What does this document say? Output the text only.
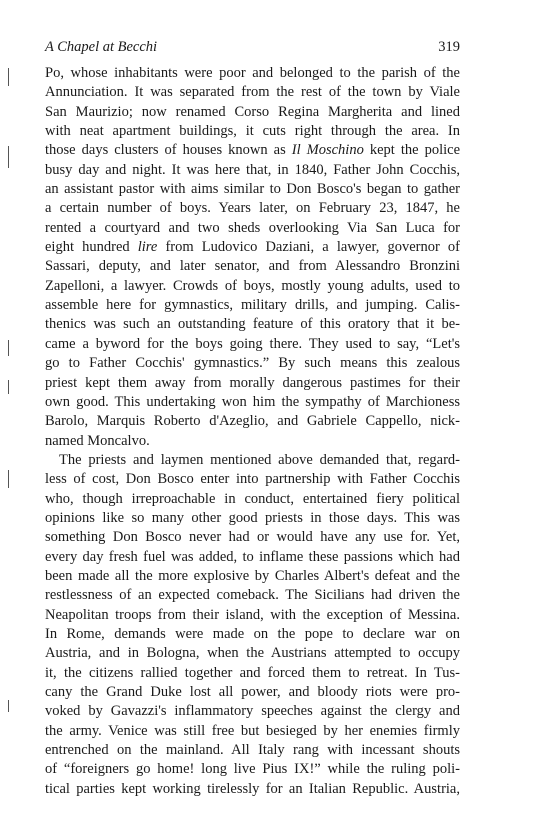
A Chapel at Becchi	319
Po, whose inhabitants were poor and belonged to the parish of the
Annunciation. It was separated from the rest of the town by Viale
San Maurizio; now renamed Corso Regina Margherita and lined
with neat apartment buildings, it cuts right through the area. In
those days clusters of houses known as Il Moschino kept the police
busy day and night. It was here that, in 1840, Father John Cocchis,
an assistant pastor with aims similar to Don Bosco's began to gather
a certain number of boys. Years later, on February 23, 1847, he
rented a courtyard and two sheds overlooking Via San Luca for
eight hundred lire from Ludovico Daziani, a lawyer, governor of
Sassari, deputy, and later senator, and from Alessandro Bronzini
Zapelloni, a lawyer. Crowds of boys, mostly young adults, used to
assemble here for gymnastics, military drills, and jumping. Calis-
thenics was such an outstanding feature of this oratory that it be-
came a byword for the boys going there. They used to say, “Let's
go to Father Cocchis' gymnastics.” By such means this zealous
priest kept them away from morally dangerous pastimes for their
own good. This undertaking won him the sympathy of Marchioness
Barolo, Marquis Roberto d'Azeglio, and Gabriele Cappello, nick-
named Moncalvo.
The priests and laymen mentioned above demanded that, regard-
less of cost, Don Bosco enter into partnership with Father Cocchis
who, though irreproachable in conduct, entertained fiery political
opinions like so many other good priests in those days. This was
something Don Bosco never had or would have any use for. Yet,
every day fresh fuel was added, to inflame these passions which had
been made all the more explosive by Charles Albert's defeat and the
restlessness of an expected comeback. The Sicilians had driven the
Neapolitan troops from their island, with the exception of Messina.
In Rome, demands were made on the pope to declare war on
Austria, and in Bologna, when the Austrians attempted to occupy
it, the citizens rallied together and forced them to retreat. In Tus-
cany the Grand Duke lost all power, and bloody riots were pro-
voked by Gavazzi's inflammatory speeches against the clergy and
the army. Venice was still free but besieged by her enemies firmly
entrenched on the mainland. All Italy rang with incessant shouts
of “foreigners go home! long live Pius IX!” while the ruling poli-
tical parties kept working tirelessly for an Italian Republic. Austria,
